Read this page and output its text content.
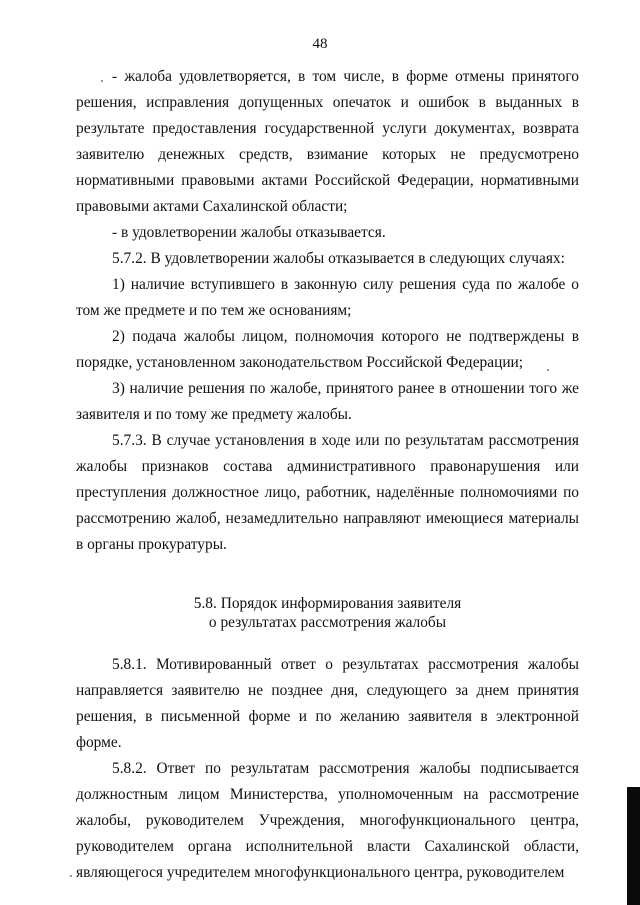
48

- жалоба удовлетворяется, в том числе, в форме отмены принятого решения, исправления допущенных опечаток и ошибок в выданных в результате предоставления государственной услуги документах, возврата заявителю денежных средств, взимание которых не предусмотрено нормативными правовыми актами Российской Федерации, нормативными правовыми актами Сахалинской области;

- в удовлетворении жалобы отказывается.

5.7.2. В удовлетворении жалобы отказывается в следующих случаях:

1) наличие вступившего в законную силу решения суда по жалобе о том же предмете и по тем же основаниям;

2) подача жалобы лицом, полномочия которого не подтверждены в порядке, установленном законодательством Российской Федерации;

3) наличие решения по жалобе, принятого ранее в отношении того же заявителя и по тому же предмету жалобы.

5.7.3. В случае установления в ходе или по результатам рассмотрения жалобы признаков состава административного правонарушения или преступления должностное лицо, работник, наделённые полномочиями по рассмотрению жалоб, незамедлительно направляют имеющиеся материалы в органы прокуратуры.

5.8. Порядок информирования заявителя
о результатах рассмотрения жалобы

5.8.1. Мотивированный ответ о результатах рассмотрения жалобы направляется заявителю не позднее дня, следующего за днем принятия решения, в письменной форме и по желанию заявителя в электронной форме.

5.8.2. Ответ по результатам рассмотрения жалобы подписывается должностным лицом Министерства, уполномоченным на рассмотрение жалобы, руководителем Учреждения, многофункционального центра, руководителем органа исполнительной власти Сахалинской области, являющегося учредителем многофункционального центра, руководителем
